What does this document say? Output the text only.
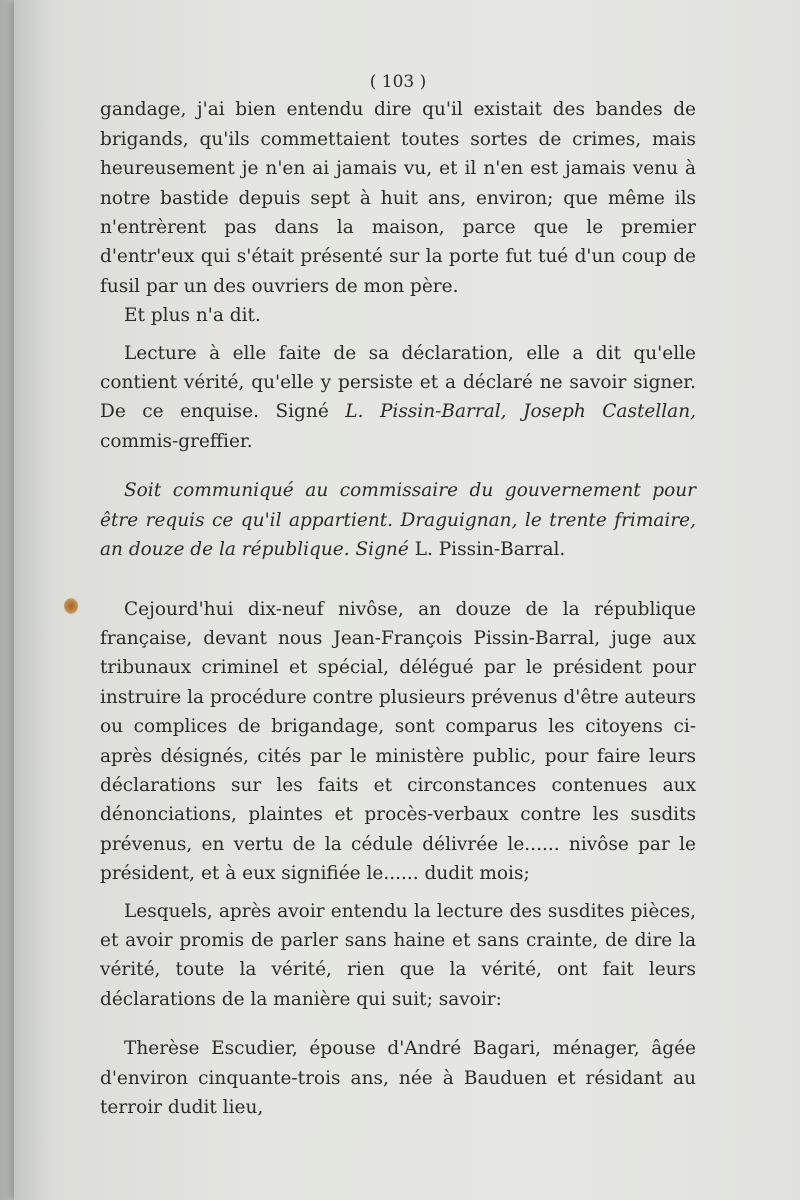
( 103 )

gandage, j'ai bien entendu dire qu'il existait des bandes de brigands, qu'ils commettaient toutes sortes de crimes, mais heureusement je n'en ai jamais vu, et il n'en est jamais venu à notre bastide depuis sept à huit ans, environ; que même ils n'entrèrent pas dans la maison, parce que le premier d'entr'eux qui s'était présenté sur la porte fut tué d'un coup de fusil par un des ouvriers de mon père.

Et plus n'a dit.

Lecture à elle faite de sa déclaration, elle a dit qu'elle contient vérité, qu'elle y persiste et a déclaré ne savoir signer. De ce enquise. Signé L. Pissin-Barral, Joseph Castellan, commis-greffier.

Soit communiqué au commissaire du gouvernement pour être requis ce qu'il appartient. Draguignan, le trente frimaire, an douze de la république. Signé L. Pissin-Barral.

Cejourd'hui dix-neuf nivôse, an douze de la république française, devant nous Jean-François Pissin-Barral, juge aux tribunaux criminel et spécial, délégué par le président pour instruire la procédure contre plusieurs prévenus d'être auteurs ou complices de brigandage, sont comparus les citoyens ci-après désignés, cités par le ministère public, pour faire leurs déclarations sur les faits et circonstances contenues aux dénonciations, plaintes et procès-verbaux contre les susdits prévenus, en vertu de la cédule délivrée le...... nivôse par le président, et à eux signifiée le...... dudit mois;

Lesquels, après avoir entendu la lecture des susdites pièces, et avoir promis de parler sans haine et sans crainte, de dire la vérité, toute la vérité, rien que la vérité, ont fait leurs déclarations de la manière qui suit; savoir:

Therèse Escudier, épouse d'André Bagari, ménager, âgée d'environ cinquante-trois ans, née à Bauduen et résidant au terroir dudit lieu,
